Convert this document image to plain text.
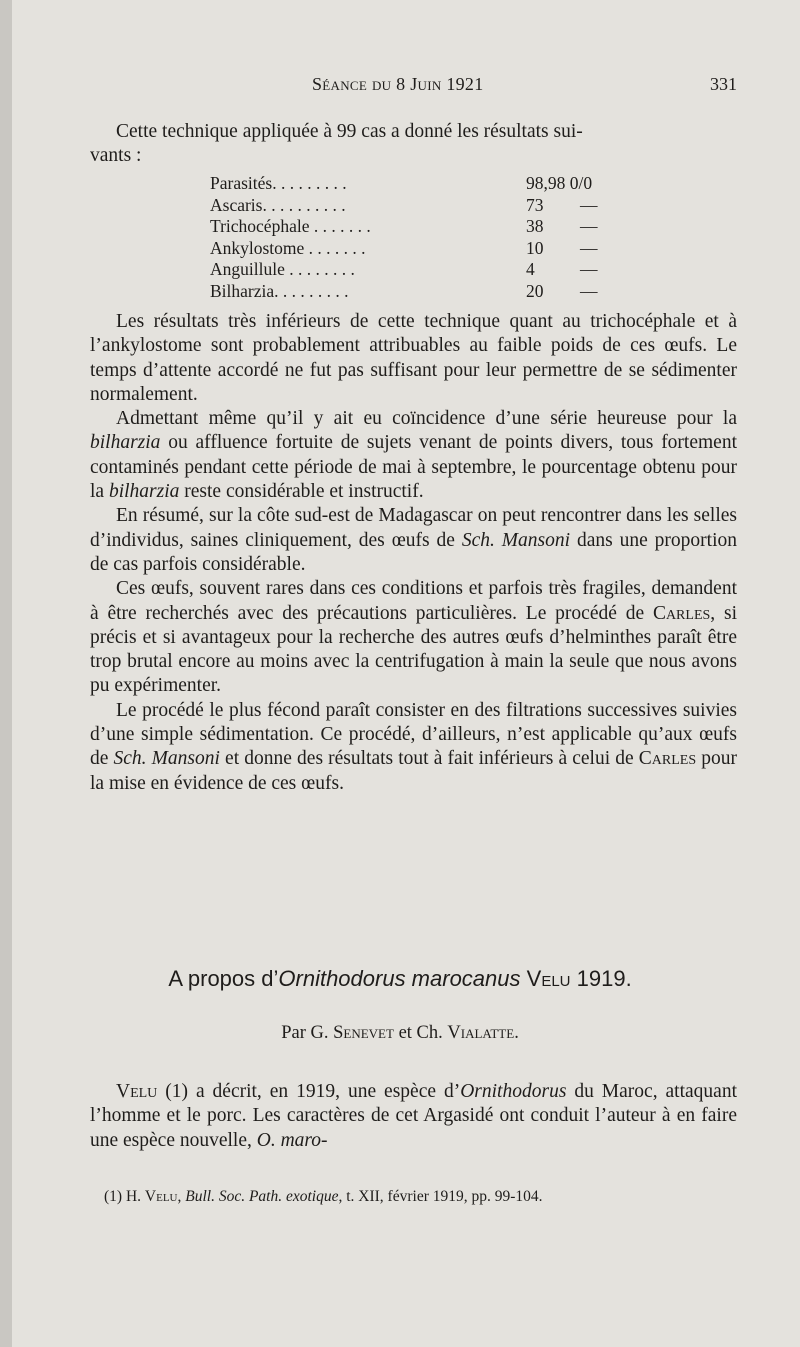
Séance du 8 Juin 1921	331

Cette technique appliquée à 99 cas a donné les résultats sui-

vants :

Parasités. . . . . . . . .	98,98 0/0
Ascaris. . . . . . . . . .	73 —
Trichocéphale . . . . . . .	38 —
Ankylostome . . . . . . .	10 —
Anguillule . . . . . . . .	4	—
Bilharzia. . . . . . . . .	20 —

Les résultats très inférieurs de cette technique quant au trichocéphale et à l’ankylostome sont probablement attribuables au faible poids de ces œufs. Le temps d’attente accordé ne fut pas suffisant pour leur permettre de se sédimenter normalement.

Admettant même qu’il y ait eu coïncidence d’une série heureuse pour la bilharzia ou affluence fortuite de sujets venant de points divers, tous fortement contaminés pendant cette période de mai à septembre, le pourcentage obtenu pour la bilharzia reste considérable et instructif.

En résumé, sur la côte sud-est de Madagascar on peut rencontrer dans les selles d’individus, saines cliniquement, des œufs de Sch. Mansoni dans une proportion de cas parfois considérable.

Ces œufs, souvent rares dans ces conditions et parfois très fragiles, demandent à être recherchés avec des précautions particulières. Le procédé de Carles, si précis et si avantageux pour la recherche des autres œufs d’helminthes paraît être trop brutal encore au moins avec la centrifugation à main la seule que nous avons pu expérimenter.

Le procédé le plus fécond paraît consister en des filtrations successives suivies d’une simple sédimentation. Ce procédé, d’ailleurs, n’est applicable qu’aux œufs de Sch. Mansoni et donne des résultats tout à fait inférieurs à celui de Carles pour la mise en évidence de ces œufs.

A propos d’Ornithodorus marocanus Velu 1919.
Par G. Senevet et Ch. Vialatte.

Velu (1) a décrit, en 1919, une espèce d’Ornithodorus du Maroc, attaquant l’homme et le porc. Les caractères de cet Argasidé ont conduit l’auteur à en faire une espèce nouvelle, O. maro-

(1) H. Velu, Bull. Soc. Path. exotique, t. XII, février 1919, pp. 99-104.
